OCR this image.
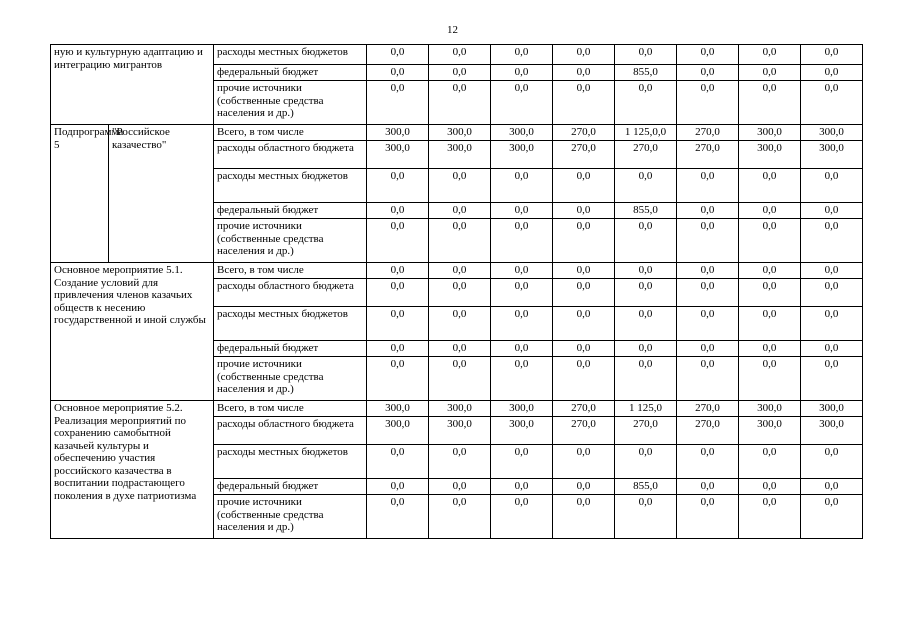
12
ную и культурную адаптацию и интеграцию мигрантов		расходы местных бюджетов	0,0	0,0	0,0	0,0	0,0	0,0	0,0	0,0
		федеральный бюджет	0,0	0,0	0,0	0,0	855,0	0,0	0,0	0,0
		прочие источники (собственные средства населения и др.)	0,0	0,0	0,0	0,0	0,0	0,0	0,0	0,0
Подпрограмма 5	"Российское казачество"	Всего, в том числе	300,0	300,0	300,0	270,0	1 125,0,0	270,0	300,0	300,0
		расходы областного бюджета	300,0	300,0	300,0	270,0	270,0	270,0	300,0	300,0
		расходы местных бюджетов	0,0	0,0	0,0	0,0	0,0	0,0	0,0	0,0
		федеральный бюджет	0,0	0,0	0,0	0,0	855,0	0,0	0,0	0,0
		прочие источники (собственные средства населения и др.)	0,0	0,0	0,0	0,0	0,0	0,0	0,0	0,0
Основное мероприятие 5.1. Создание условий для привлечения членов казачьих обществ к несению государственной и иной службы		Всего, в том числе	0,0	0,0	0,0	0,0	0,0	0,0	0,0	0,0
		расходы областного бюджета	0,0	0,0	0,0	0,0	0,0	0,0	0,0	0,0
		расходы местных бюджетов	0,0	0,0	0,0	0,0	0,0	0,0	0,0	0,0
		федеральный бюджет	0,0	0,0	0,0	0,0	0,0	0,0	0,0	0,0
		прочие источники (собственные средства населения и др.)	0,0	0,0	0,0	0,0	0,0	0,0	0,0	0,0
Основное мероприятие 5.2. Реализация мероприятий по сохранению самобытной казачьей культуры и обеспечению участия российского казачества в воспитании подрастающего поколения в духе патриотизма		Всего, в том числе	300,0	300,0	300,0	270,0	1 125,0	270,0	300,0	300,0
		расходы областного бюджета	300,0	300,0	300,0	270,0	270,0	270,0	300,0	300,0
		расходы местных бюджетов	0,0	0,0	0,0	0,0	0,0	0,0	0,0	0,0
		федеральный бюджет	0,0	0,0	0,0	0,0	855,0	0,0	0,0	0,0
		прочие источники (собственные средства населения и др.)	0,0	0,0	0,0	0,0	0,0	0,0	0,0	0,0
